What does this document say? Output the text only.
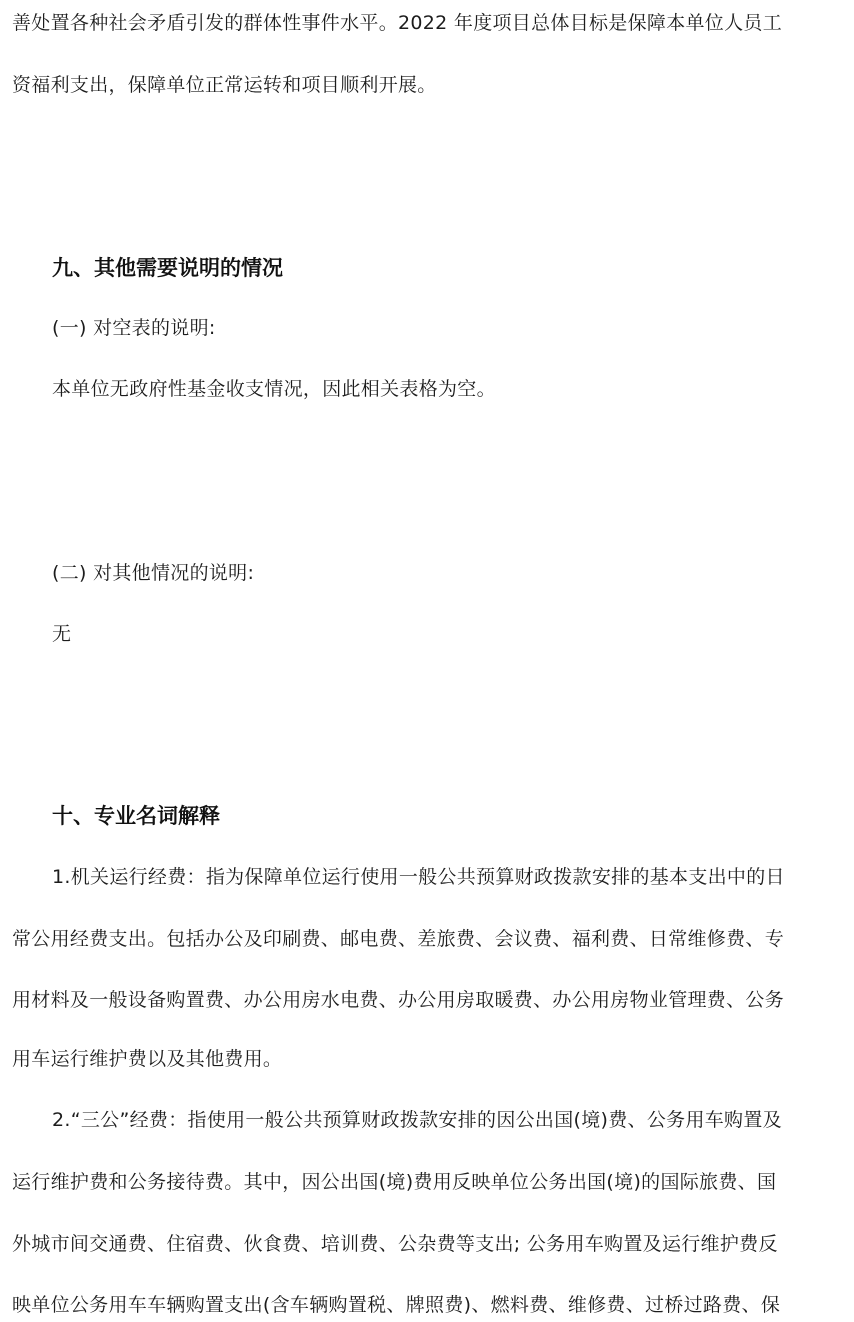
善处置各种社会矛盾引发的群体性事件水平。2022 年度项目总体目标是保障本单位人员工
资福利支出，保障单位正常运转和项目顺利开展。
九、其他需要说明的情况
(一) 对空表的说明:
本单位无政府性基金收支情况，因此相关表格为空。
(二) 对其他情况的说明:
无
十、专业名词解释
1.机关运行经费：指为保障单位运行使用一般公共预算财政拨款安排的基本支出中的日
常公用经费支出。包括办公及印刷费、邮电费、差旅费、会议费、福利费、日常维修费、专
用材料及一般设备购置费、办公用房水电费、办公用房取暖费、办公用房物业管理费、公务
用车运行维护费以及其他费用。
2.“三公”经费：指使用一般公共预算财政拨款安排的因公出国(境)费、公务用车购置及
运行维护费和公务接待费。其中，因公出国(境)费用反映单位公务出国(境)的国际旅费、国
外城市间交通费、住宿费、伙食费、培训费、公杂费等支出; 公务用车购置及运行维护费反
映单位公务用车车辆购置支出(含车辆购置税、牌照费)、燃料费、维修费、过桥过路费、保
